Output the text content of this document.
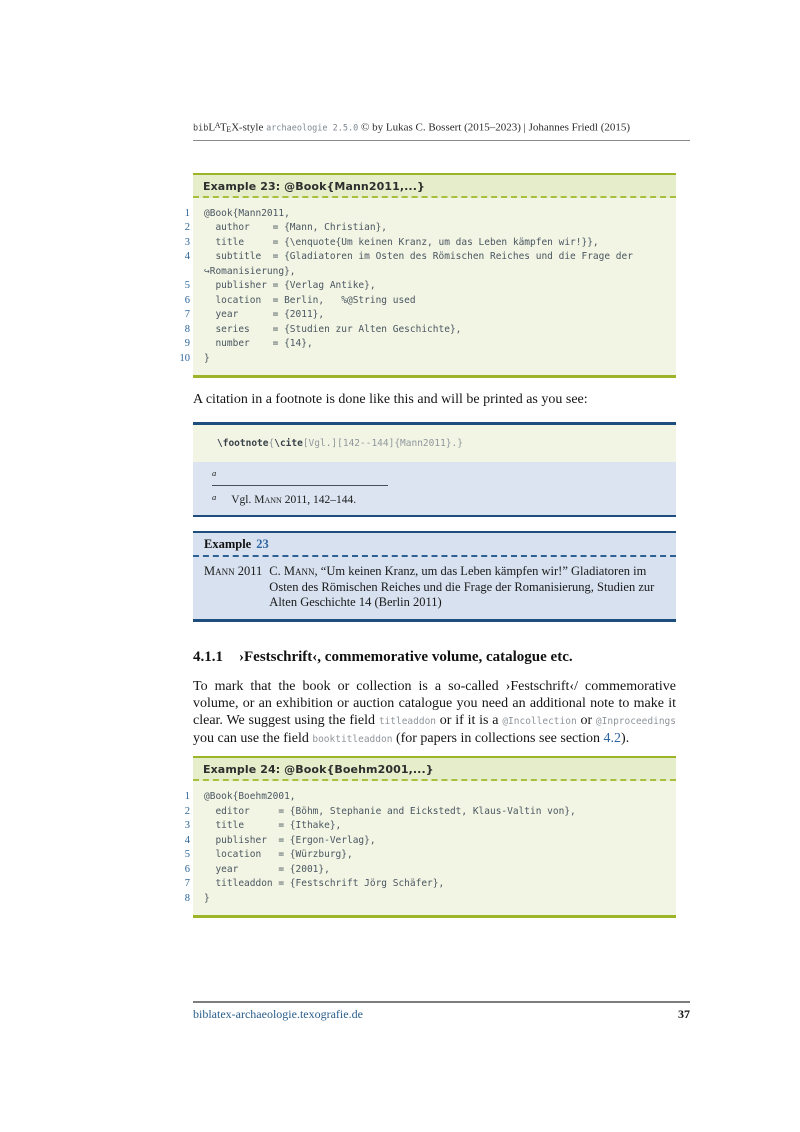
bibL$^A$TEX-style archaeologie 2.5.0 © by Lukas C. Bossert (2015–2023) | Johannes Friedl (2015)
Example 23: @Book{Mann2011,...}
1 @Book{Mann2011,
2 author    = {Mann, Christian},
3 title     = {\enquote{Um keinen Kranz, um das Leben kämpfen wir!}},
4 subtitle  = {Gladiatoren im Osten des Römischen Reiches und die Frage der
↪Romanisierung},
5 publisher = {Verlag Antike},
6 location  = Berlin,   %@String used
7 year      = {2011},
8 series    = {Studien zur Alten Geschichte},
9 number    = {14},
10 }

A citation in a footnote is done like this and will be printed as you see:

\footnote{\cite[Vgl.][142--144]{Mann2011}.}
a
$^a$ Vgl. Mann 2011, 142–144.
Example 23
Mann 2011 C. Mann, “Um keinen Kranz, um das Leben kämpfen wir!” Gladiatoren im Osten des Römischen Reiches und die Frage der Romanisierung, Studien zur Alten Geschichte 14 (Berlin 2011)
4.1.1 ›Festschrift‹, commemorative volume, catalogue etc.

To mark that the book or collection is a so-called ›Festschrift‹/ commemorative volume, or an exhibition or auction catalogue you need an additional note to make it clear. We suggest using the field titleaddon or if it is a @Incollection or @Inproceedings you can use the field booktitleaddon (for papers in collections see section 4.2).

Example 24: @Book{Boehm2001,...}
1 @Book{Boehm2001,
2 editor     = {Böhm, Stephanie and Eickstedt, Klaus-Valtin von},
3 title      = {Ithake},
4 publisher  = {Ergon-Verlag},
5 location   = {Würzburg},
6 year       = {2001},
7 titleaddon = {Festschrift Jörg Schäfer},
8 }
biblatex-archaeologie.texografie.de	37
